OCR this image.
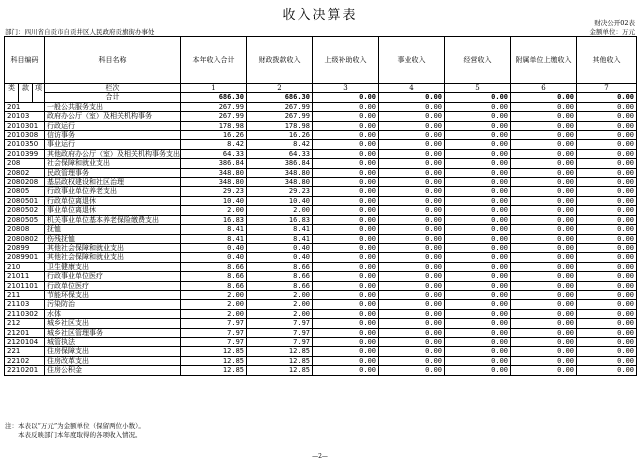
收入决算表	财决公开02表
部门：四川省自贡市自贡井区人民政府贡旗街办事处	金额单位：万元
科目编码			科目名称	本年收入合计	财政拨款收入	上级补助收入	事业收入	经营收入	附属单位上缴收入	其他收入
类	款	项								
			栏次	1	2	3	4	5	6	7
			合计	686.30	686.30	0.00	0.00	0.00	0.00	0.00
201			一般公共服务支出	267.99	267.99	0.00	0.00	0.00	0.00	0.00
20103			政府办公厅（室）及相关机构事务	267.99	267.99	0.00	0.00	0.00	0.00	0.00
2010301			行政运行	178.98	178.98	0.00	0.00	0.00	0.00	0.00
2010308			信访事务	16.26	16.26	0.00	0.00	0.00	0.00	0.00
2010350			事业运行	8.42	8.42	0.00	0.00	0.00	0.00	0.00
2010399			其他政府办公厅（室）及相关机构事务支出	64.33	64.33	0.00	0.00	0.00	0.00	0.00
208			社会保障和就业支出	386.84	386.84	0.00	0.00	0.00	0.00	0.00
20802			民政管理事务	348.80	348.80	0.00	0.00	0.00	0.00	0.00
2080208			基层政权建设和社区治理	348.80	348.80	0.00	0.00	0.00	0.00	0.00
20805			行政事业单位养老支出	29.23	29.23	0.00	0.00	0.00	0.00	0.00
2080501			行政单位离退休	10.40	10.40	0.00	0.00	0.00	0.00	0.00
2080502			事业单位离退休	2.00	2.00	0.00	0.00	0.00	0.00	0.00
2080505			机关事业单位基本养老保险缴费支出	16.83	16.83	0.00	0.00	0.00	0.00	0.00
20808			抚恤	8.41	8.41	0.00	0.00	0.00	0.00	0.00
2080802			伤残抚恤	8.41	8.41	0.00	0.00	0.00	0.00	0.00
20899			其他社会保障和就业支出	0.40	0.40	0.00	0.00	0.00	0.00	0.00
2089901			其他社会保障和就业支出	0.40	0.40	0.00	0.00	0.00	0.00	0.00
210			卫生健康支出	8.66	8.66	0.00	0.00	0.00	0.00	0.00
21011			行政事业单位医疗	8.66	8.66	0.00	0.00	0.00	0.00	0.00
2101101			行政单位医疗	8.66	8.66	0.00	0.00	0.00	0.00	0.00
211			节能环保支出	2.00	2.00	0.00	0.00	0.00	0.00	0.00
21103			污染防治	2.00	2.00	0.00	0.00	0.00	0.00	0.00
2110302			水体	2.00	2.00	0.00	0.00	0.00	0.00	0.00
212			城乡社区支出	7.97	7.97	0.00	0.00	0.00	0.00	0.00
21201			城乡社区管理事务	7.97	7.97	0.00	0.00	0.00	0.00	0.00
2120104			城管执法	7.97	7.97	0.00	0.00	0.00	0.00	0.00
221			住房保障支出	12.85	12.85	0.00	0.00	0.00	0.00	0.00
22102			住房改革支出	12.85	12.85	0.00	0.00	0.00	0.00	0.00
2210201			住房公积金	12.85	12.85	0.00	0.00	0.00	0.00	0.00
注：本表以“万元”为金额单位（保留两位小数）。
　　本表反映部门本年度取得的各项收入情况。
—2—
